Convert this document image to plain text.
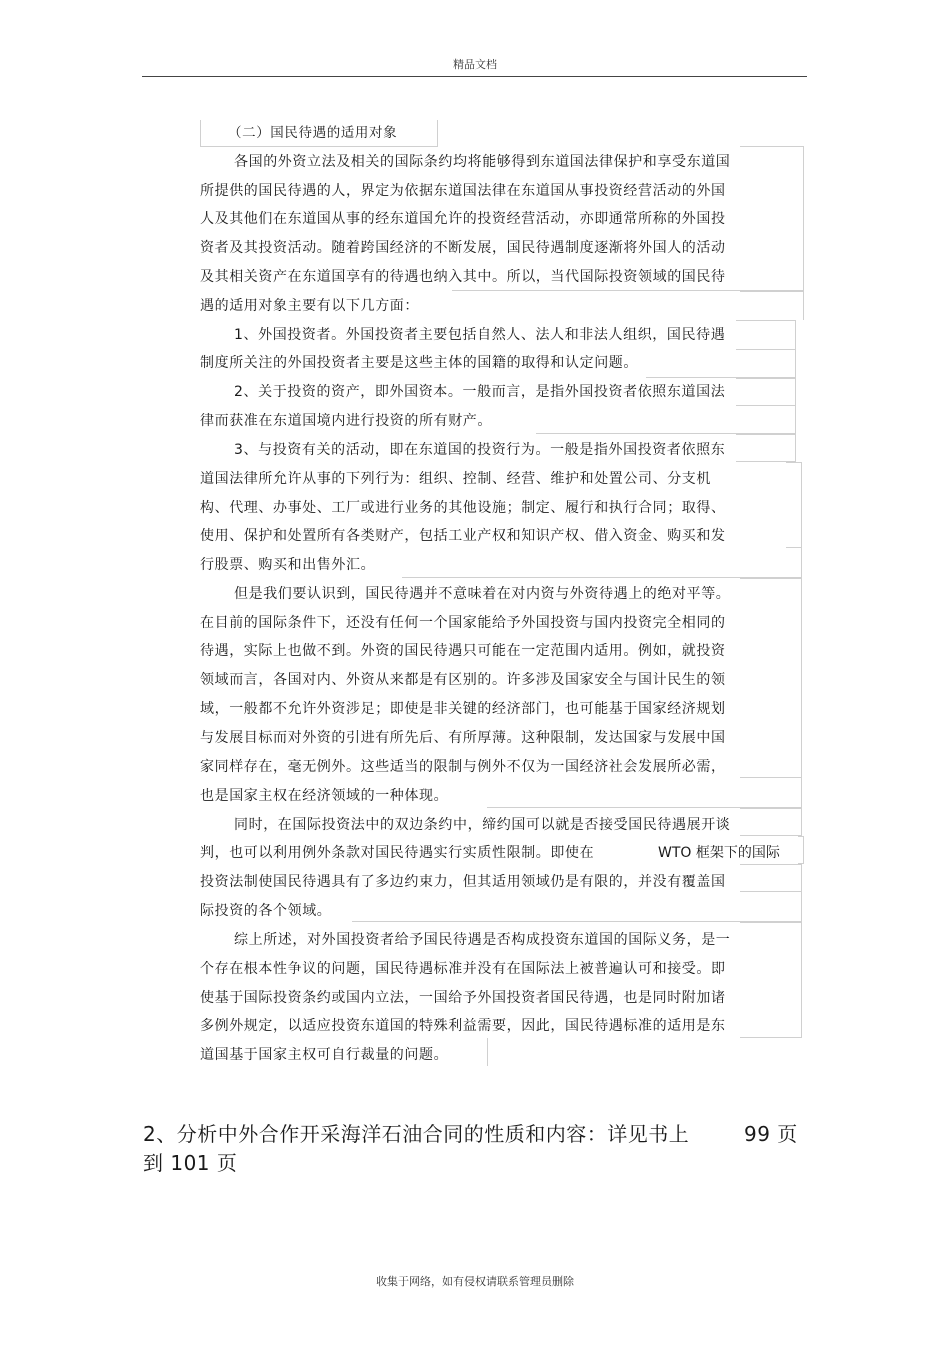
精品文档
（二）国民待遇的适用对象
各国的外资立法及相关的国际条约均将能够得到东道国法律保护和享受东道国
所提供的国民待遇的人，界定为依据东道国法律在东道国从事投资经营活动的外国
人及其他们在东道国从事的经东道国允许的投资经营活动，亦即通常所称的外国投
资者及其投资活动。随着跨国经济的不断发展，国民待遇制度逐渐将外国人的活动
及其相关资产在东道国享有的待遇也纳入其中。所以，当代国际投资领域的国民待
遇的适用对象主要有以下几方面：
1、外国投资者。外国投资者主要包括自然人、法人和非法人组织，国民待遇
制度所关注的外国投资者主要是这些主体的国籍的取得和认定问题。
2、关于投资的资产，即外国资本。一般而言，是指外国投资者依照东道国法
律而获准在东道国境内进行投资的所有财产。
3、与投资有关的活动，即在东道国的投资行为。一般是指外国投资者依照东
道国法律所允许从事的下列行为：组织、控制、经营、维护和处置公司、分支机
构、代理、办事处、工厂或进行业务的其他设施；制定、履行和执行合同；取得、
使用、保护和处置所有各类财产，包括工业产权和知识产权、借入资金、购买和发
行股票、购买和出售外汇。
但是我们要认识到，国民待遇并不意味着在对内资与外资待遇上的绝对平等。
在目前的国际条件下，还没有任何一个国家能给予外国投资与国内投资完全相同的
待遇，实际上也做不到。外资的国民待遇只可能在一定范围内适用。例如，就投资
领域而言，各国对内、外资从来都是有区别的。许多涉及国家安全与国计民生的领
域，一般都不允许外资涉足；即使是非关键的经济部门，也可能基于国家经济规划
与发展目标而对外资的引进有所先后、有所厚薄。这种限制，发达国家与发展中国
家同样存在，毫无例外。这些适当的限制与例外不仅为一国经济社会发展所必需，
也是国家主权在经济领域的一种体现。
同时，在国际投资法中的双边条约中，缔约国可以就是否接受国民待遇展开谈
判，也可以利用例外条款对国民待遇实行实质性限制。即使在	WTO 框架下的国际
投资法制使国民待遇具有了多边约束力，但其适用领域仍是有限的，并没有覆盖国
际投资的各个领域。
综上所述，对外国投资者给予国民待遇是否构成投资东道国的国际义务，是一
个存在根本性争议的问题，国民待遇标准并没有在国际法上被普遍认可和接受。即
使基于国际投资条约或国内立法，一国给予外国投资者国民待遇，也是同时附加诸
多例外规定，以适应投资东道国的特殊利益需要，因此，国民待遇标准的适用是东
道国基于国家主权可自行裁量的问题。
2、分析中外合作开采海洋石油合同的性质和内容：详见书上	99 页
到 101 页
收集于网络，如有侵权请联系管理员删除
